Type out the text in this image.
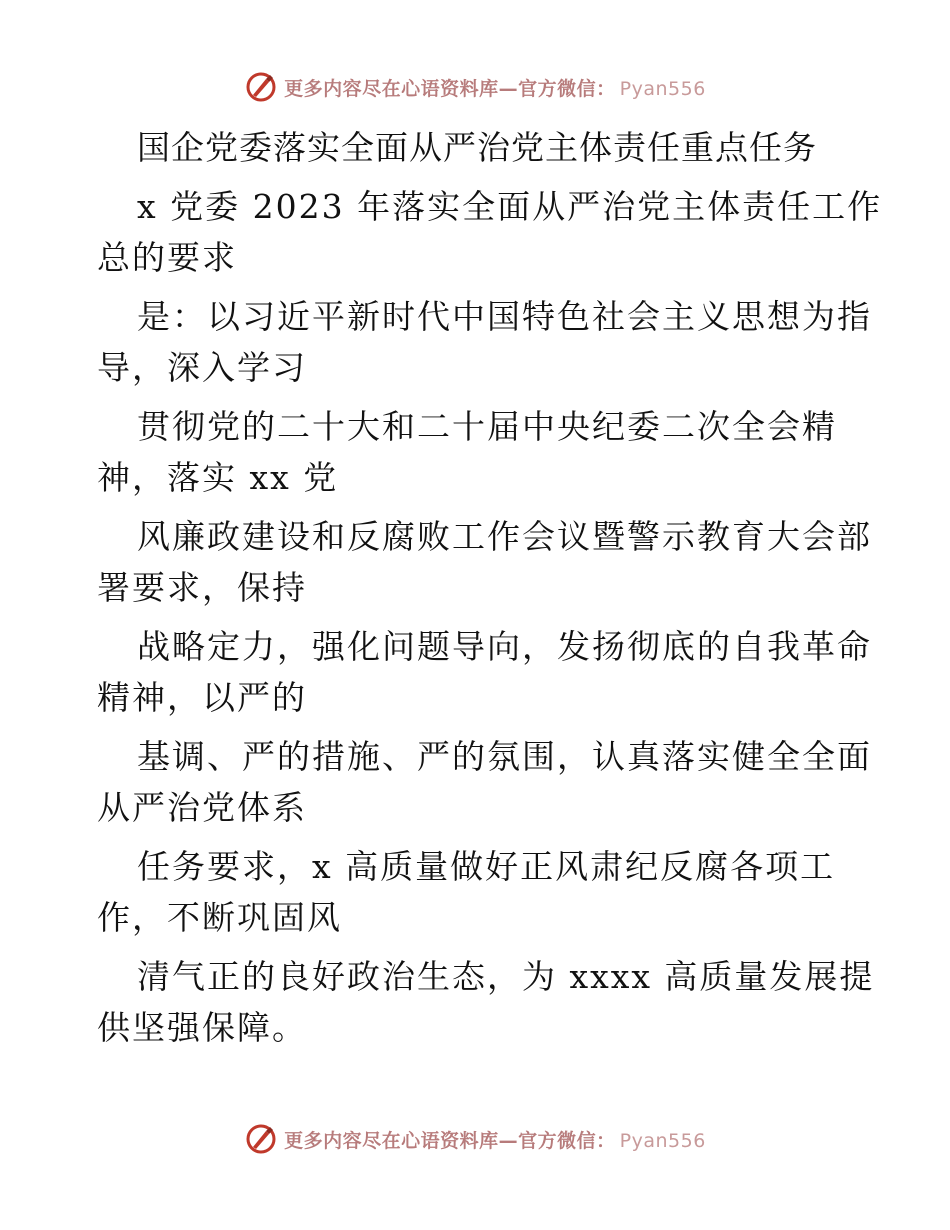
更多内容尽在心语资料库—官方微信： Pyan556
国企党委落实全面从严治党主体责任重点任务
x 党委 2023 年落实全面从严治党主体责任工作
总的要求
是：以习近平新时代中国特色社会主义思想为指
导，深入学习
贯彻党的二十大和二十届中央纪委二次全会精
神，落实 xx 党
风廉政建设和反腐败工作会议暨警示教育大会部
署要求，保持
战略定力，强化问题导向，发扬彻底的自我革命
精神，以严的
基调、严的措施、严的氛围，认真落实健全全面
从严治党体系
任务要求，x 高质量做好正风肃纪反腐各项工
作，不断巩固风
清气正的良好政治生态，为 xxxx 高质量发展提
供坚强保障。
更多内容尽在心语资料库—官方微信： Pyan556
